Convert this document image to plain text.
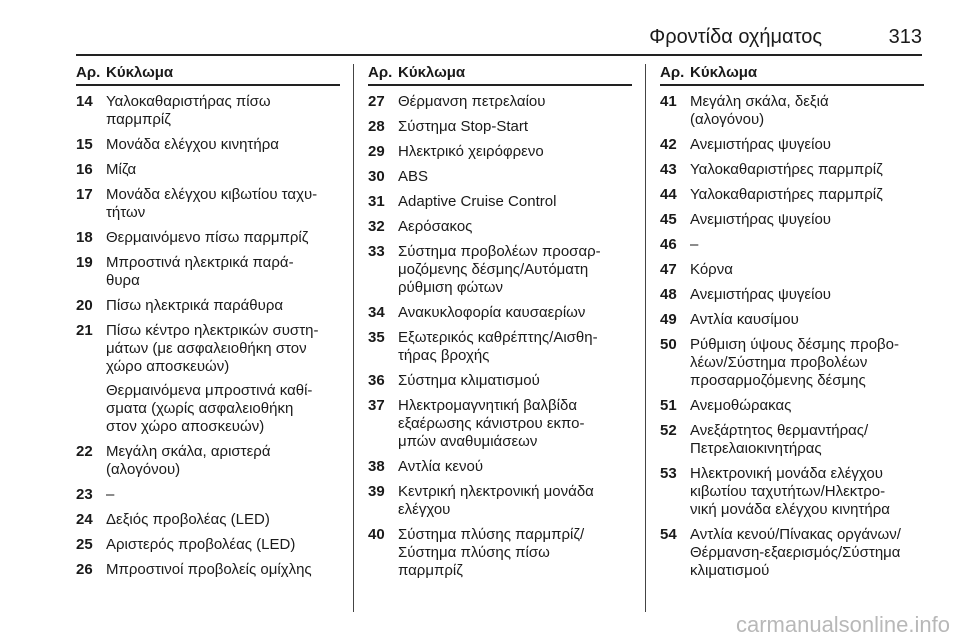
Φροντίδα οχήματος	313
Αρ. Κύκλωμα
14 Υαλοκαθαριστήρας πίσω
παρμπρίζ
15 Μονάδα ελέγχου κινητήρα
16 Μίζα
17 Μονάδα ελέγχου κιβωτίου ταχυ-
τήτων
18 Θερμαινόμενο πίσω παρμπρίζ
19 Μπροστινά ηλεκτρικά παρά-
θυρα
20 Πίσω ηλεκτρικά παράθυρα
21 Πίσω κέντρο ηλεκτρικών συστη-
μάτων (με ασφαλειοθήκη στον
χώρο αποσκευών)
Θερμαινόμενα μπροστινά καθί-
σματα (χωρίς ασφαλειοθήκη
στον χώρο αποσκευών)
22 Μεγάλη σκάλα, αριστερά
(αλογόνου)
23 –
24 Δεξιός προβολέας (LED)
25 Αριστερός προβολέας (LED)
26 Μπροστινοί προβολείς ομίχλης
Αρ. Κύκλωμα
27 Θέρμανση πετρελαίου
28 Σύστημα Stop-Start
29 Ηλεκτρικό χειρόφρενο
30 ABS
31 Adaptive Cruise Control
32 Αερόσακος
33 Σύστημα προβολέων προσαρ-
μοζόμενης δέσμης/Αυτόματη
ρύθμιση φώτων
34 Ανακυκλοφορία καυσαερίων
35 Εξωτερικός καθρέπτης/Αισθη-
τήρας βροχής
36 Σύστημα κλιματισμού
37 Ηλεκτρομαγνητική βαλβίδα
εξαέρωσης κάνιστρου εκπο-
μπών αναθυμιάσεων
38 Αντλία κενού
39 Κεντρική ηλεκτρονική μονάδα
ελέγχου
40 Σύστημα πλύσης παρμπρίζ/
Σύστημα πλύσης πίσω
παρμπρίζ
Αρ. Κύκλωμα
41 Μεγάλη σκάλα, δεξιά
(αλογόνου)
42 Ανεμιστήρας ψυγείου
43 Υαλοκαθαριστήρες παρμπρίζ
44 Υαλοκαθαριστήρες παρμπρίζ
45 Ανεμιστήρας ψυγείου
46 –
47 Κόρνα
48 Ανεμιστήρας ψυγείου
49 Αντλία καυσίμου
50 Ρύθμιση ύψους δέσμης προβο-
λέων/Σύστημα προβολέων
προσαρμοζόμενης δέσμης
51 Ανεμοθώρακας
52 Ανεξάρτητος θερμαντήρας/
Πετρελαιοκινητήρας
53 Ηλεκτρονική μονάδα ελέγχου
κιβωτίου ταχυτήτων/Ηλεκτρο-
νική μονάδα ελέγχου κινητήρα
54 Αντλία κενού/Πίνακας οργάνων/
Θέρμανση-εξαερισμός/Σύστημα
κλιματισμού
carmanualsonline.info
